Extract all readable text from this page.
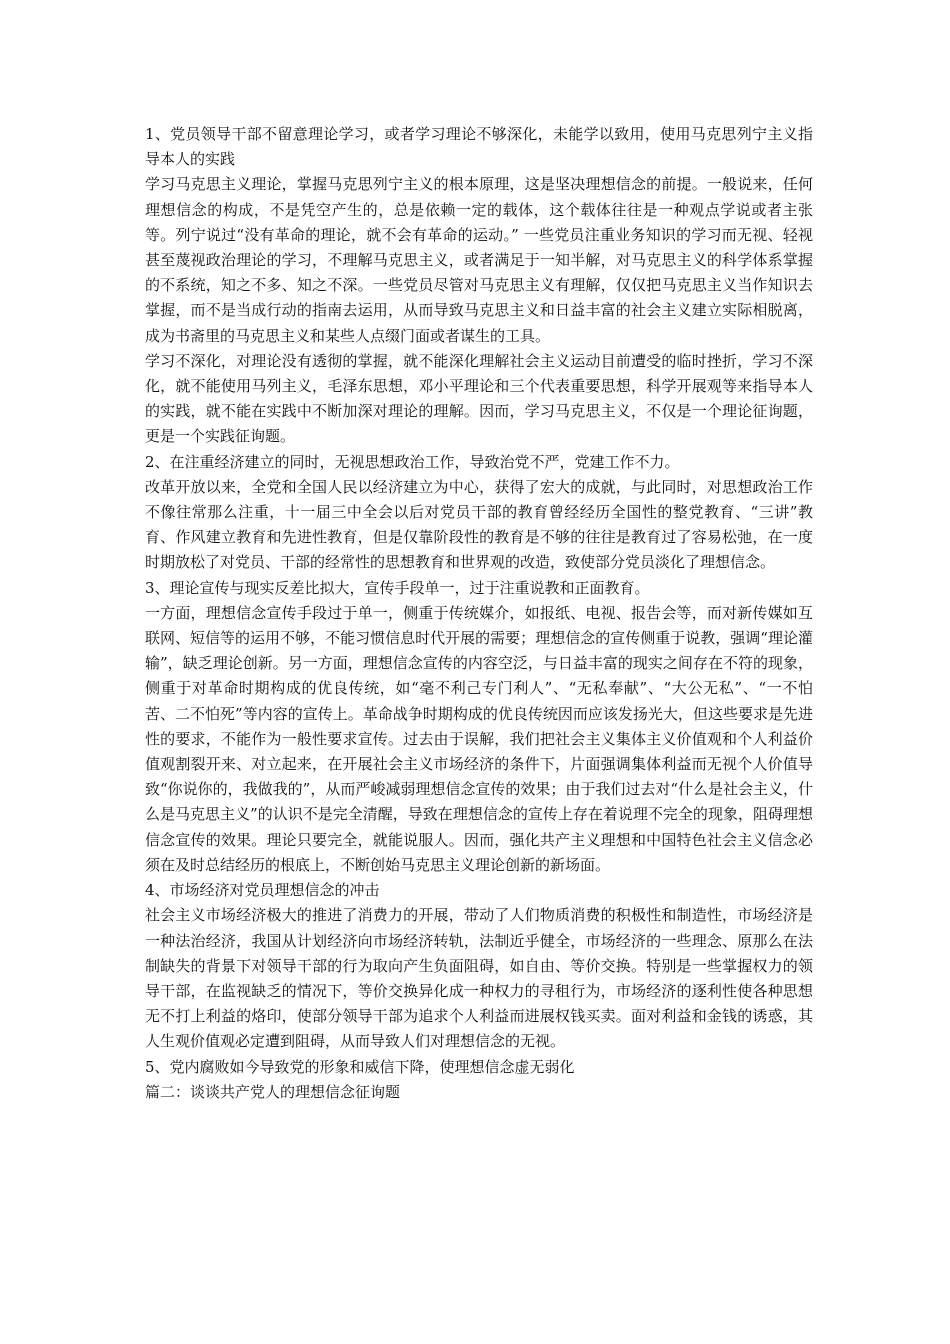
1、党员领导干部不留意理论学习，或者学习理论不够深化，未能学以致用，使用马克思列宁主义指导本人的实践

学习马克思主义理论，掌握马克思列宁主义的根本原理，这是坚决理想信念的前提。一般说来，任何理想信念的构成，不是凭空产生的，总是依赖一定的载体，这个载体往往是一种观点学说或者主张等。列宁说过“没有革命的理论，就不会有革命的运动。” 一些党员注重业务知识的学习而无视、轻视甚至蔑视政治理论的学习，不理解马克思主义，或者满足于一知半解，对马克思主义的科学体系掌握的不系统，知之不多、知之不深。一些党员尽管对马克思主义有理解，仅仅把马克思主义当作知识去掌握，而不是当成行动的指南去运用，从而导致马克思主义和日益丰富的社会主义建立实际相脱离，成为书斋里的马克思主义和某些人点缀门面或者谋生的工具。

学习不深化，对理论没有透彻的掌握，就不能深化理解社会主义运动目前遭受的临时挫折，学习不深化，就不能使用马列主义，毛泽东思想，邓小平理论和三个代表重要思想，科学开展观等来指导本人的实践，就不能在实践中不断加深对理论的理解。因而，学习马克思主义，不仅是一个理论征询题，更是一个实践征询题。

2、在注重经济建立的同时，无视思想政治工作，导致治党不严，党建工作不力。

改革开放以来，全党和全国人民以经济建立为中心，获得了宏大的成就，与此同时，对思想政治工作不像往常那么注重，十一届三中全会以后对党员干部的教育曾经经历全国性的整党教育、“三讲”教育、作风建立教育和先进性教育，但是仅靠阶段性的教育是不够的往往是教育过了容易松弛，在一度时期放松了对党员、干部的经常性的思想教育和世界观的改造，致使部分党员淡化了理想信念。

3、理论宣传与现实反差比拟大，宣传手段单一，过于注重说教和正面教育。

一方面，理想信念宣传手段过于单一，侧重于传统媒介，如报纸、电视、报告会等，而对新传媒如互联网、短信等的运用不够，不能习惯信息时代开展的需要；理想信念的宣传侧重于说教，强调“理论灌输”，缺乏理论创新。另一方面，理想信念宣传的内容空泛，与日益丰富的现实之间存在不符的现象，侧重于对革命时期构成的优良传统，如“毫不利己专门利人”、“无私奉献”、“大公无私”、“一不怕苦、二不怕死”等内容的宣传上。革命战争时期构成的优良传统因而应该发扬光大，但这些要求是先进性的要求，不能作为一般性要求宣传。过去由于误解，我们把社会主义集体主义价值观和个人利益价值观割裂开来、对立起来，在开展社会主义市场经济的条件下，片面强调集体利益而无视个人价值导致“你说你的，我做我的”，从而严峻减弱理想信念宣传的效果；由于我们过去对“什么是社会主义，什么是马克思主义”的认识不是完全清醒，导致在理想信念的宣传上存在着说理不完全的现象，阻碍理想信念宣传的效果。理论只要完全，就能说服人。因而，强化共产主义理想和中国特色社会主义信念必须在及时总结经历的根底上，不断创始马克思主义理论创新的新场面。

4、市场经济对党员理想信念的冲击

社会主义市场经济极大的推进了消费力的开展，带动了人们物质消费的积极性和制造性，市场经济是一种法治经济，我国从计划经济向市场经济转轨，法制近乎健全，市场经济的一些理念、原那么在法制缺失的背景下对领导干部的行为取向产生负面阻碍，如自由、等价交换。特别是一些掌握权力的领导干部，在监视缺乏的情况下，等价交换异化成一种权力的寻租行为，市场经济的逐利性使各种思想无不打上利益的烙印，使部分领导干部为追求个人利益而进展权钱买卖。面对利益和金钱的诱惑，其人生观价值观必定遭到阻碍，从而导致人们对理想信念的无视。

5、党内腐败如今导致党的形象和威信下降，使理想信念虚无弱化

篇二：谈谈共产党人的理想信念征询题
